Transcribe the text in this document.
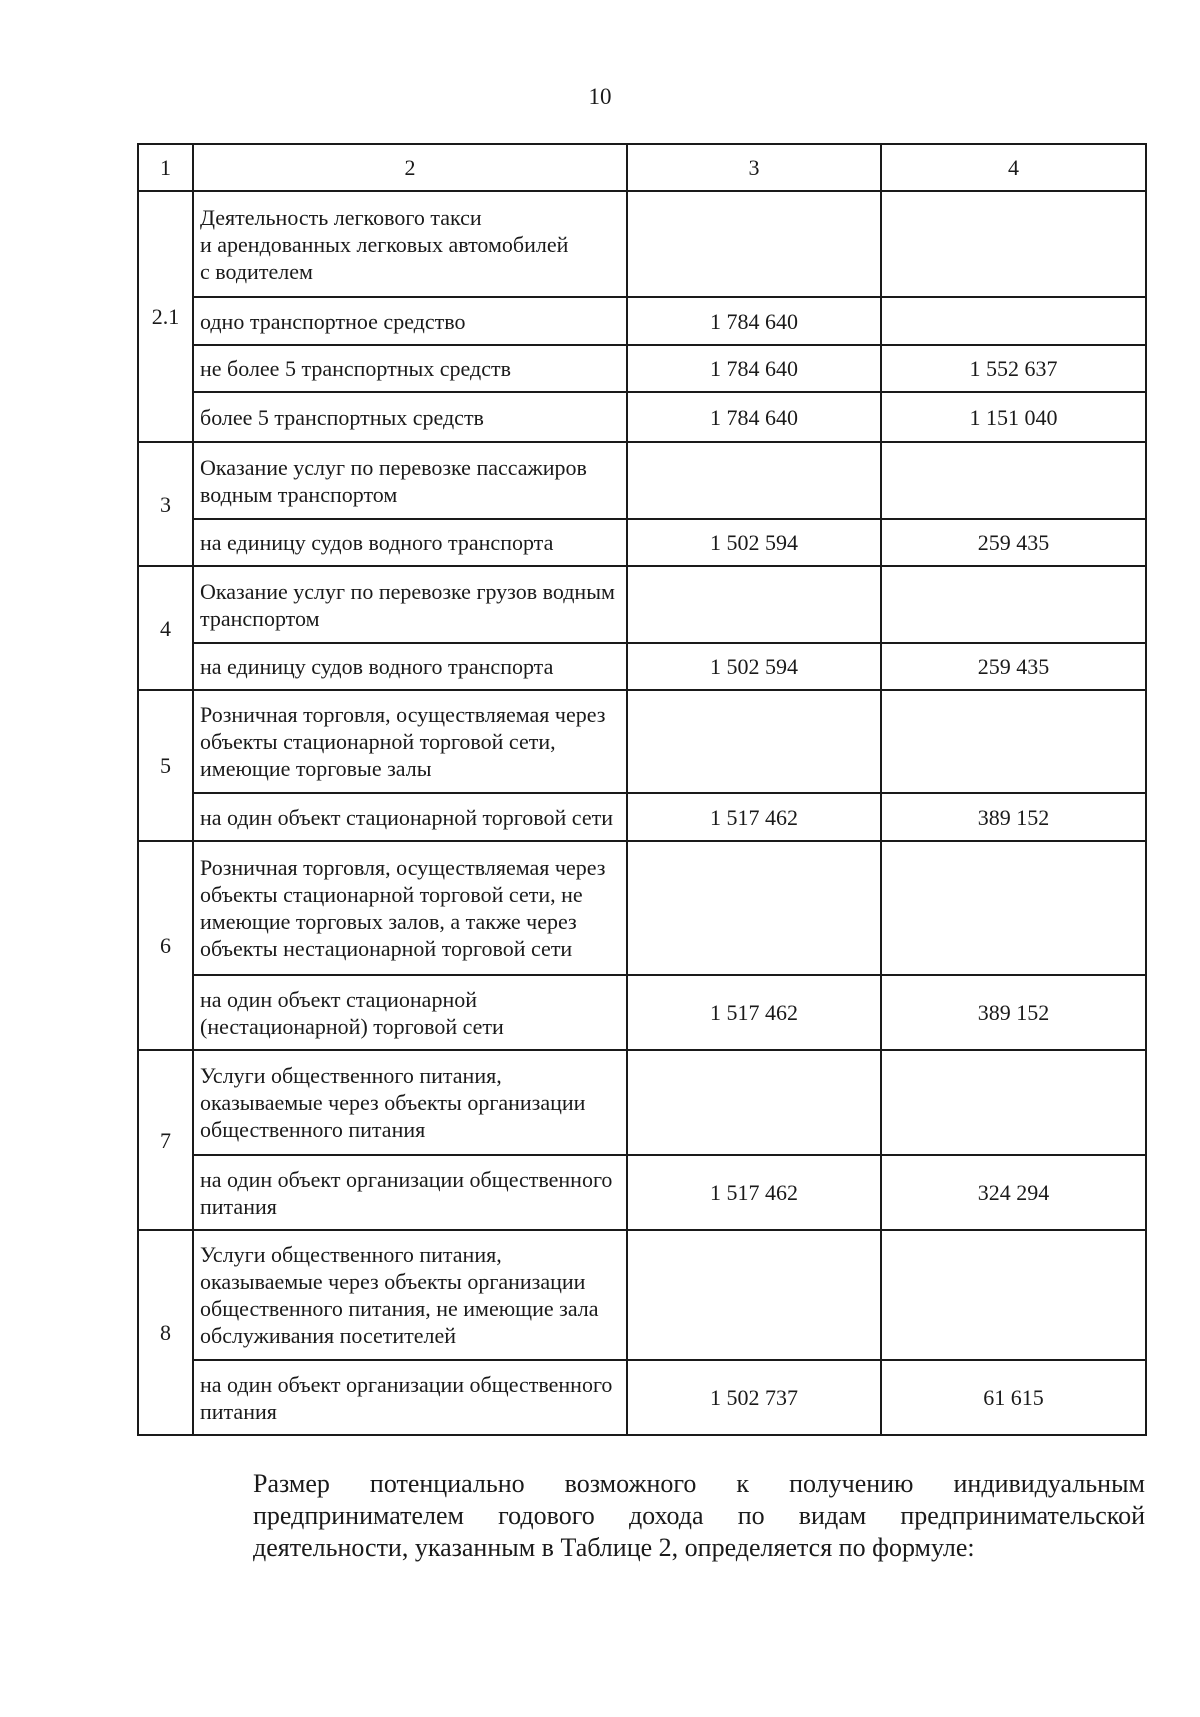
10
1	2	3	4
2.1	Деятельность легкового такси
и арендованных легковых автомобилей
с водителем		
	одно транспортное средство	1 784 640	
	не более 5 транспортных средств	1 784 640	1 552 637
	более 5 транспортных средств	1 784 640	1 151 040
3	Оказание услуг по перевозке пассажиров
водным транспортом		
	на единицу судов водного транспорта	1 502 594	259 435
4	Оказание услуг по перевозке грузов водным
транспортом		
	на единицу судов водного транспорта	1 502 594	259 435
5	Розничная торговля, осуществляемая через
объекты стационарной торговой сети,
имеющие торговые залы		
	на один объект стационарной торговой сети	1 517 462	389 152
6	Розничная торговля, осуществляемая через
объекты стационарной торговой сети, не
имеющие торговых залов, а также через
объекты нестационарной торговой сети		
	на один объект стационарной
(нестационарной) торговой сети	1 517 462	389 152
7	Услуги общественного питания,
оказываемые через объекты организации
общественного питания		
	на один объект организации общественного
питания	1 517 462	324 294
8	Услуги общественного питания,
оказываемые через объекты организации
общественного питания, не имеющие зала
обслуживания посетителей		
	на один объект организации общественного
питания	1 502 737	61 615
Размер потенциально возможного к получению индивидуальным предпринимателем годового дохода по видам предпринимательской деятельности, указанным в Таблице 2, определяется по формуле:
